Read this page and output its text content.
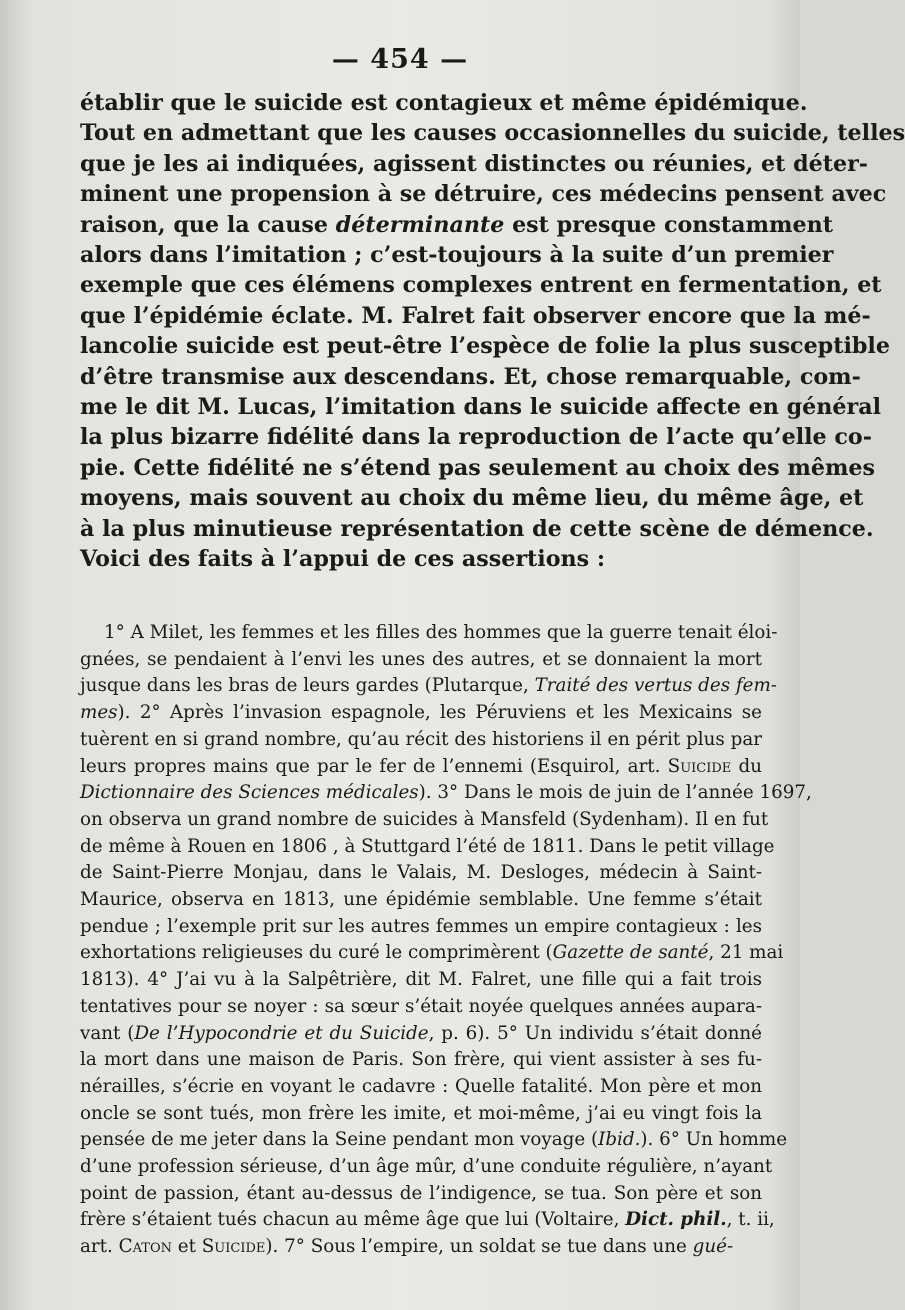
— 454 —
établir que le suicide est contagieux et même épidémique.
Tout en admettant que les causes occasionnelles du suicide, telles
que je les ai indiquées, agissent distinctes ou réunies, et déter-
minent une propension à se détruire, ces médecins pensent avec
raison, que la cause déterminante est presque constamment
alors dans l’imitation ; c’est-toujours à la suite d’un premier
exemple que ces élémens complexes entrent en fermentation, et
que l’épidémie éclate. M. Falret fait observer encore que la mé-
lancolie suicide est peut-être l’espèce de folie la plus susceptible
d’être transmise aux descendans. Et, chose remarquable, com-
me le dit M. Lucas, l’imitation dans le suicide affecte en général
la plus bizarre fidélité dans la reproduction de l’acte qu’elle co-
pie. Cette fidélité ne s’étend pas seulement au choix des mêmes
moyens, mais souvent au choix du même lieu, du même âge, et
à la plus minutieuse représentation de cette scène de démence.
Voici des faits à l’appui de ces assertions :
1° A Milet, les femmes et les filles des hommes que la guerre tenait éloi-
gnées, se pendaient à l’envi les unes des autres, et se donnaient la mort
jusque dans les bras de leurs gardes (Plutarque, Traité des vertus des fem-
mes). 2° Après l’invasion espagnole, les Péruviens et les Mexicains se
tuèrent en si grand nombre, qu’au récit des historiens il en périt plus par
leurs propres mains que par le fer de l’ennemi (Esquirol, art. Suicide du
Dictionnaire des Sciences médicales). 3° Dans le mois de juin de l’année 1697,
on observa un grand nombre de suicides à Mansfeld (Sydenham). Il en fut
de même à Rouen en 1806 , à Stuttgard l’été de 1811. Dans le petit village
de Saint-Pierre Monjau, dans le Valais, M. Desloges, médecin à Saint-
Maurice, observa en 1813, une épidémie semblable. Une femme s’était
pendue ; l’exemple prit sur les autres femmes un empire contagieux : les
exhortations religieuses du curé le comprimèrent (Gazette de santé, 21 mai
1813). 4° J’ai vu à la Salpêtrière, dit M. Falret, une fille qui a fait trois
tentatives pour se noyer : sa sœur s’était noyée quelques années aupara-
vant (De l’Hypocondrie et du Suicide, p. 6). 5° Un individu s’était donné
la mort dans une maison de Paris. Son frère, qui vient assister à ses fu-
nérailles, s’écrie en voyant le cadavre : Quelle fatalité. Mon père et mon
oncle se sont tués, mon frère les imite, et moi-même, j’ai eu vingt fois la
pensée de me jeter dans la Seine pendant mon voyage (Ibid.). 6° Un homme
d’une profession sérieuse, d’un âge mûr, d’une conduite régulière, n’ayant
point de passion, étant au-dessus de l’indigence, se tua. Son père et son
frère s’étaient tués chacun au même âge que lui (Voltaire, Dict. phil., t. ii,
art. Caton et Suicide). 7° Sous l’empire, un soldat se tue dans une gué-
